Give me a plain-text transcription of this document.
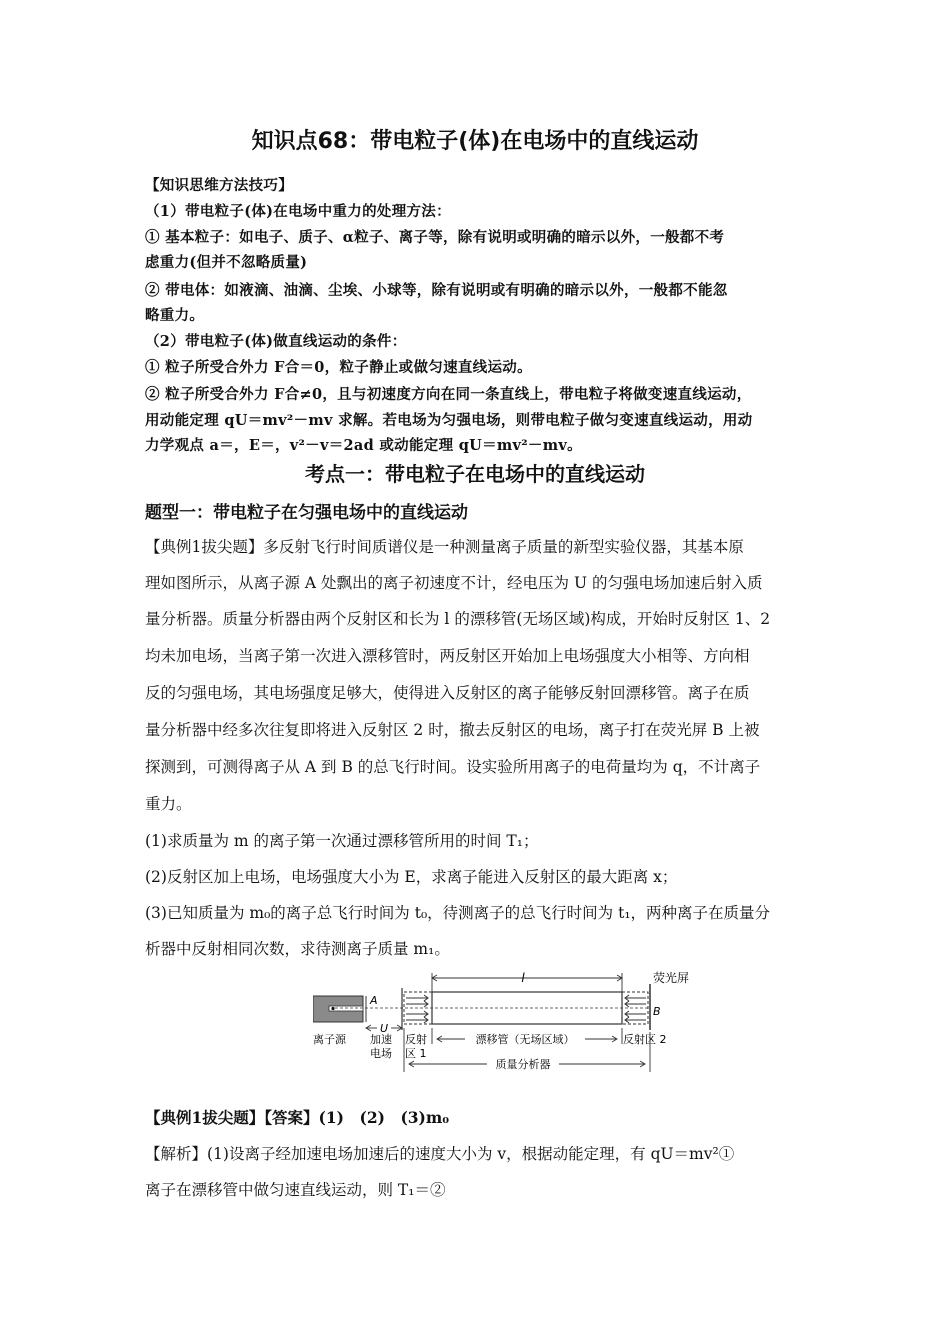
知识点68：带电粒子(体)在电场中的直线运动
【知识思维方法技巧】
（1）带电粒子(体)在电场中重力的处理方法：
① 基本粒子：如电子、质子、α粒子、离子等，除有说明或明确的暗示以外，一般都不考
虑重力(但并不忽略质量)
② 带电体：如液滴、油滴、尘埃、小球等，除有说明或有明确的暗示以外，一般都不能忽
略重力。
（2）带电粒子(体)做直线运动的条件：
① 粒子所受合外力 F合＝0，粒子静止或做匀速直线运动。
② 粒子所受合外力 F合≠0，且与初速度方向在同一条直线上，带电粒子将做变速直线运动，
用动能定理 qU＝mv²－mv 求解。若电场为匀强电场，则带电粒子做匀变速直线运动，用动
力学观点 a＝，E＝，v²－v＝2ad 或动能定理 qU＝mv²－mv。
考点一：带电粒子在电场中的直线运动
题型一：带电粒子在匀强电场中的直线运动
【典例1拔尖题】多反射飞行时间质谱仪是一种测量离子质量的新型实验仪器，其基本原
理如图所示，从离子源 A 处飘出的离子初速度不计，经电压为 U 的匀强电场加速后射入质
量分析器。质量分析器由两个反射区和长为 l 的漂移管(无场区域)构成，开始时反射区 1、2
均未加电场，当离子第一次进入漂移管时，两反射区开始加上电场强度大小相等、方向相
反的匀强电场，其电场强度足够大，使得进入反射区的离子能够反射回漂移管。离子在质
量分析器中经多次往复即将进入反射区 2 时，撤去反射区的电场，离子打在荧光屏 B 上被
探测到，可测得离子从 A 到 B 的总飞行时间。设实验所用离子的电荷量均为 q，不计离子
重力。
(1)求质量为 m 的离子第一次通过漂移管所用的时间 T₁；
(2)反射区加上电场，电场强度大小为 E，求离子能进入反射区的最大距离 x；
(3)已知质量为 m₀的离子总飞行时间为 t₀，待测离子的总飞行时间为 t₁，两种离子在质量分
析器中反射相同次数，求待测离子质量 m₁。
l	荧光屏
A
B
U
离子源 加速
电场
反射
区 1
漂移管（无场区域）	反射区 2
质量分析器
【典例1拔尖题】【答案】(1)　(2)　(3)m₀
【解析】(1)设离子经加速电场加速后的速度大小为 v，根据动能定理，有 qU＝mv²①
离子在漂移管中做匀速直线运动，则 T₁＝②
